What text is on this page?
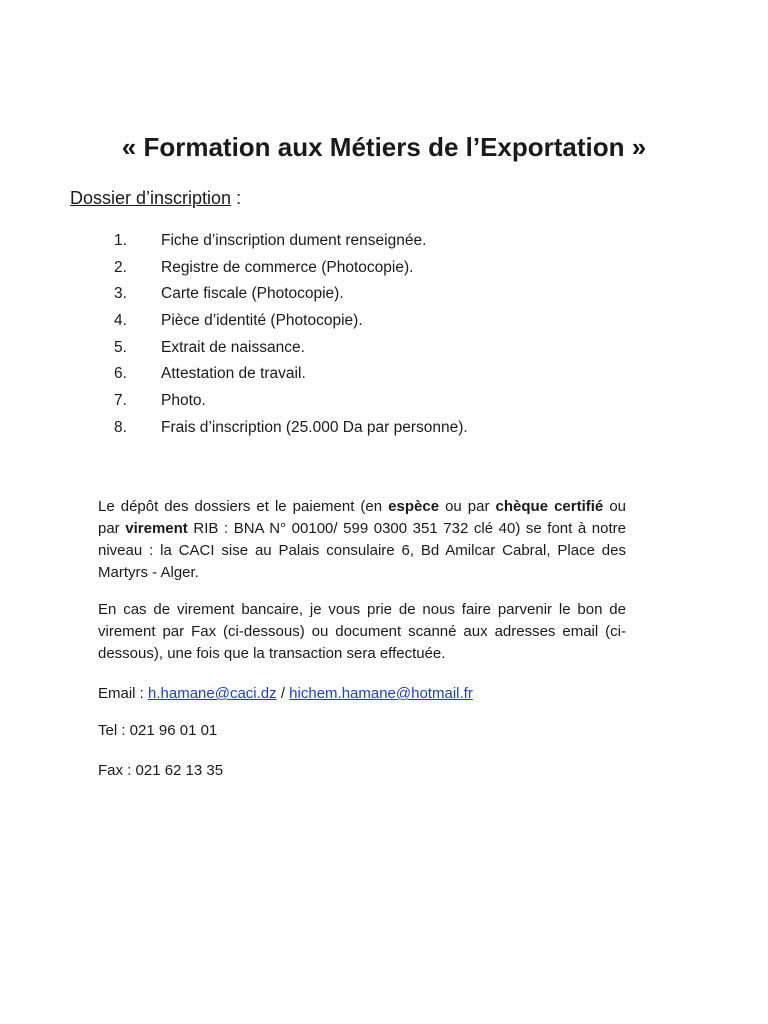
« Formation aux Métiers de l’Exportation »

Dossier d’inscription :

1.	Fiche d’inscription dument renseignée.
2.	Registre de commerce (Photocopie).
3.	Carte fiscale (Photocopie).
4.	Pièce d’identité (Photocopie).
5.	Extrait de naissance.
6.	Attestation de travail.
7.	Photo.
8.	Frais d’inscription (25.000 Da par personne).

Le dépôt des dossiers et le paiement (en espèce ou par chèque certifié ou par virement RIB : BNA N° 00100/ 599 0300 351 732 clé 40) se font à notre niveau : la CACI sise au Palais consulaire 6, Bd Amilcar Cabral, Place des Martyrs - Alger.

En cas de virement bancaire, je vous prie de nous faire parvenir le bon de virement par Fax (ci-dessous) ou document scanné aux adresses email (ci-dessous), une fois que la transaction sera effectuée.

Email : h.hamane@caci.dz / hichem.hamane@hotmail.fr

Tel : 021 96 01 01

Fax : 021 62 13 35
